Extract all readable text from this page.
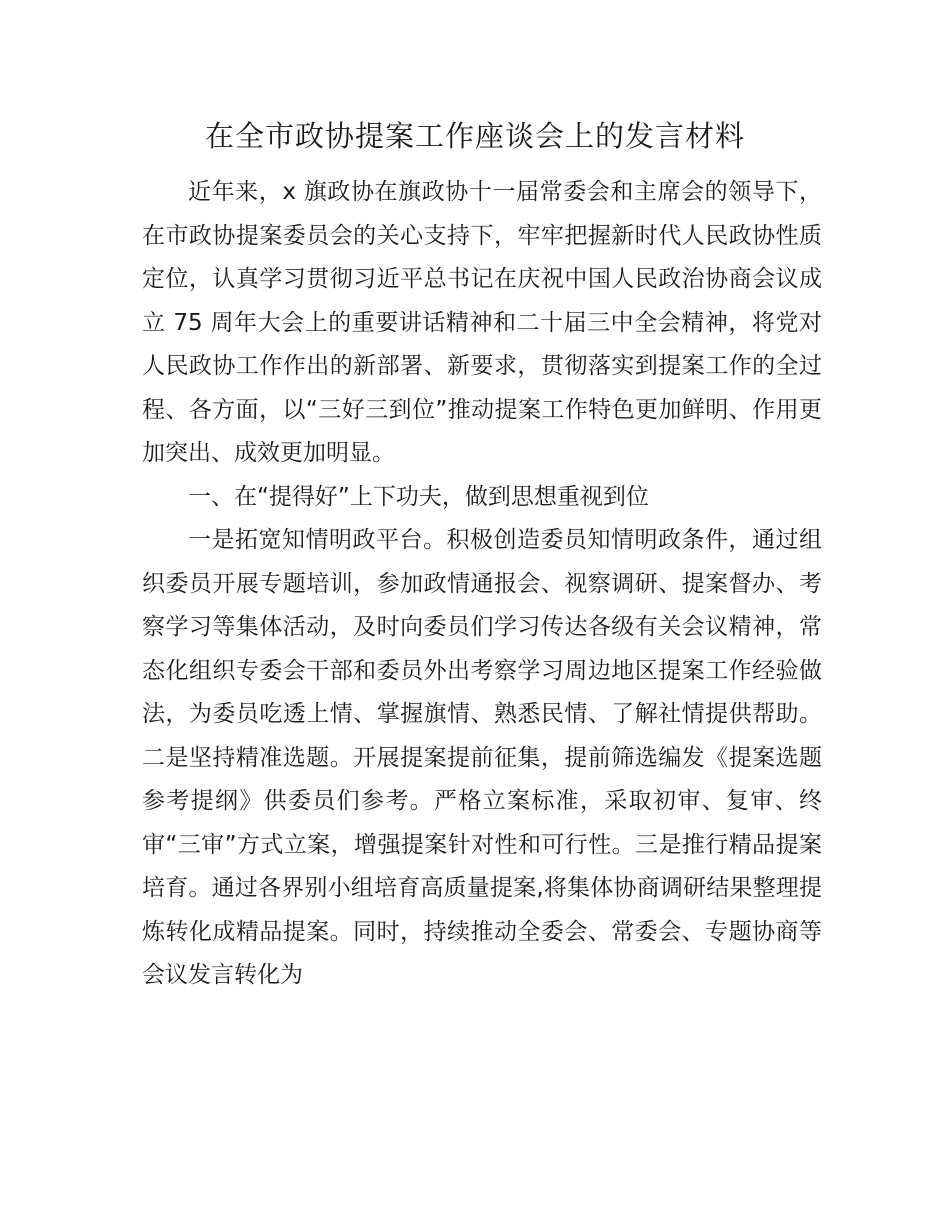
在全市政协提案工作座谈会上的发言材料

近年来，x 旗政协在旗政协十一届常委会和主席会的领导下，在市政协提案委员会的关心支持下，牢牢把握新时代人民政协性质定位，认真学习贯彻习近平总书记在庆祝中国人民政治协商会议成立 75 周年大会上的重要讲话精神和二十届三中全会精神，将党对人民政协工作作出的新部署、新要求，贯彻落实到提案工作的全过程、各方面，以“三好三到位”推动提案工作特色更加鲜明、作用更加突出、成效更加明显。

一、在“提得好”上下功夫，做到思想重视到位

一是拓宽知情明政平台。积极创造委员知情明政条件，通过组织委员开展专题培训，参加政情通报会、视察调研、提案督办、考察学习等集体活动，及时向委员们学习传达各级有关会议精神，常态化组织专委会干部和委员外出考察学习周边地区提案工作经验做法，为委员吃透上情、掌握旗情、熟悉民情、了解社情提供帮助。二是坚持精准选题。开展提案提前征集，提前筛选编发《提案选题参考提纲》供委员们参考。严格立案标准，采取初审、复审、终审“三审”方式立案，增强提案针对性和可行性。三是推行精品提案培育。通过各界别小组培育高质量提案,将集体协商调研结果整理提炼转化成精品提案。同时，持续推动全委会、常委会、专题协商等会议发言转化为
